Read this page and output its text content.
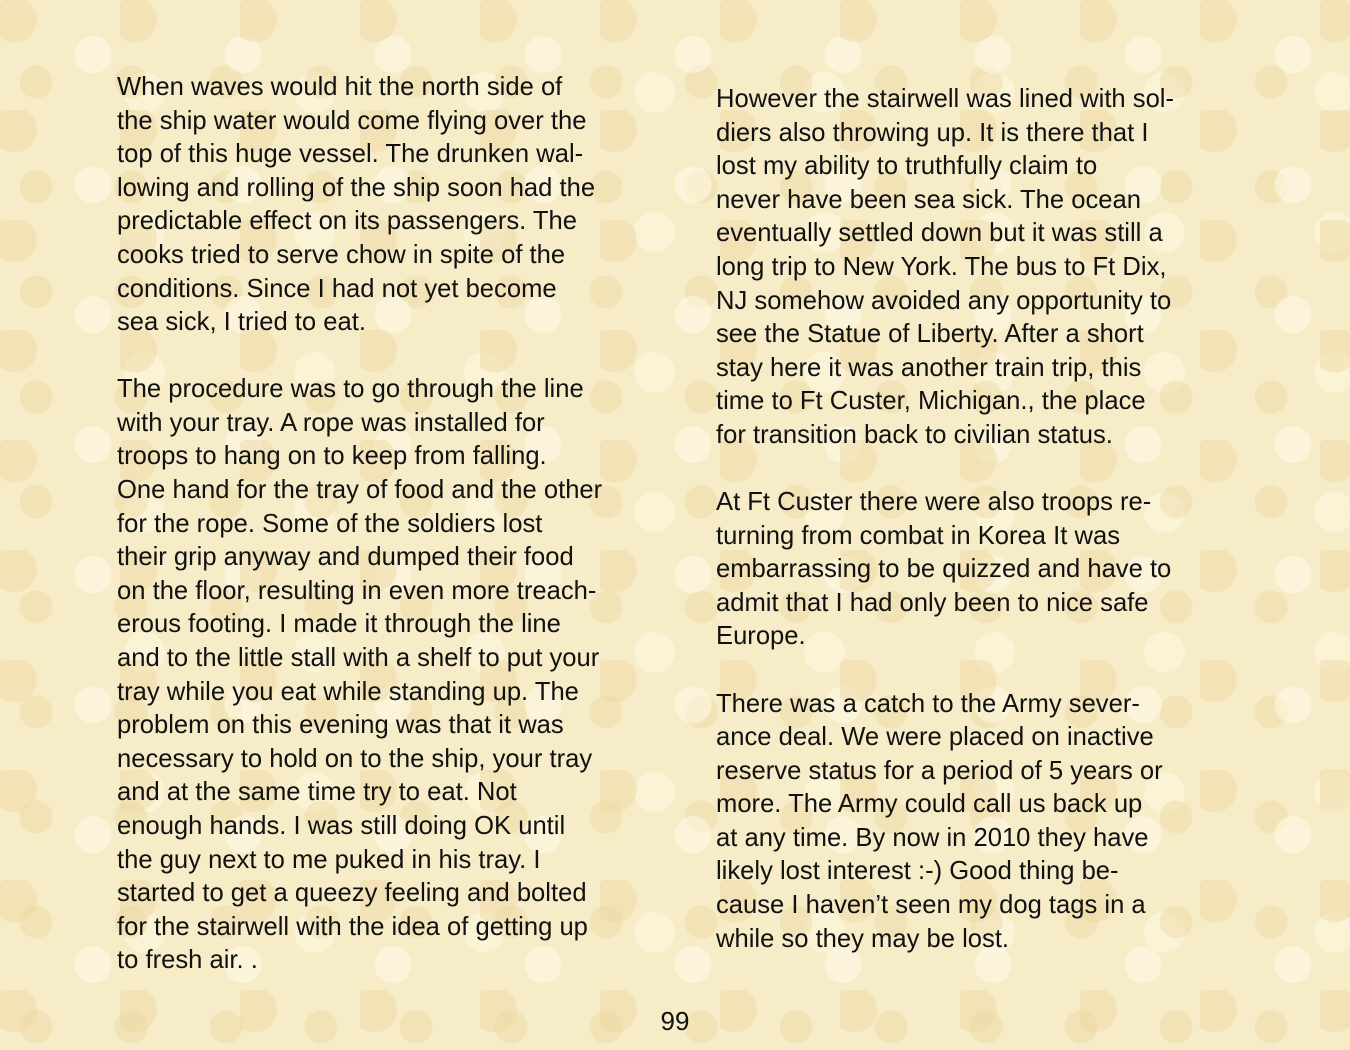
When waves would hit the north side of
the ship water would come flying over the
top of this huge vessel. The drunken wal-
lowing and rolling of the ship soon had the
predictable effect on its passengers. The
cooks tried to serve chow in spite of the
conditions. Since I had not yet become
sea sick, I tried to eat.

The procedure was to go through the line
with your tray. A rope was installed for
troops to hang on to keep from falling.
One hand for the tray of food and the other
for the rope. Some of the soldiers lost
their grip anyway and dumped their food
on the floor, resulting in even more treach-
erous footing. I made it through the line
and to the little stall with a shelf to put your
tray while you eat while standing up. The
problem on this evening was that it was
necessary to hold on to the ship, your tray
and at the same time try to eat. Not
enough hands. I was still doing OK until
the guy next to me puked in his tray. I
started to get a queezy feeling and bolted
for the stairwell with the idea of getting up
to fresh air. .

However the stairwell was lined with sol-
diers also throwing up. It is there that I
lost my ability to truthfully claim to
never have been sea sick. The ocean
eventually settled down but it was still a
long trip to New York. The bus to Ft Dix,
NJ somehow avoided any opportunity to
see the Statue of Liberty. After a short
stay here it was another train trip, this
time to Ft Custer, Michigan., the place
for transition back to civilian status.

At Ft Custer there were also troops re-
turning from combat in Korea It was
embarrassing to be quizzed and have to
admit that I had only been to nice safe
Europe.

There was a catch to the Army sever-
ance deal. We were placed on inactive
reserve status for a period of 5 years or
more. The Army could call us back up
at any time. By now in 2010 they have
likely lost interest :-) Good thing be-
cause I haven’t seen my dog tags in a
while so they may be lost.

99
